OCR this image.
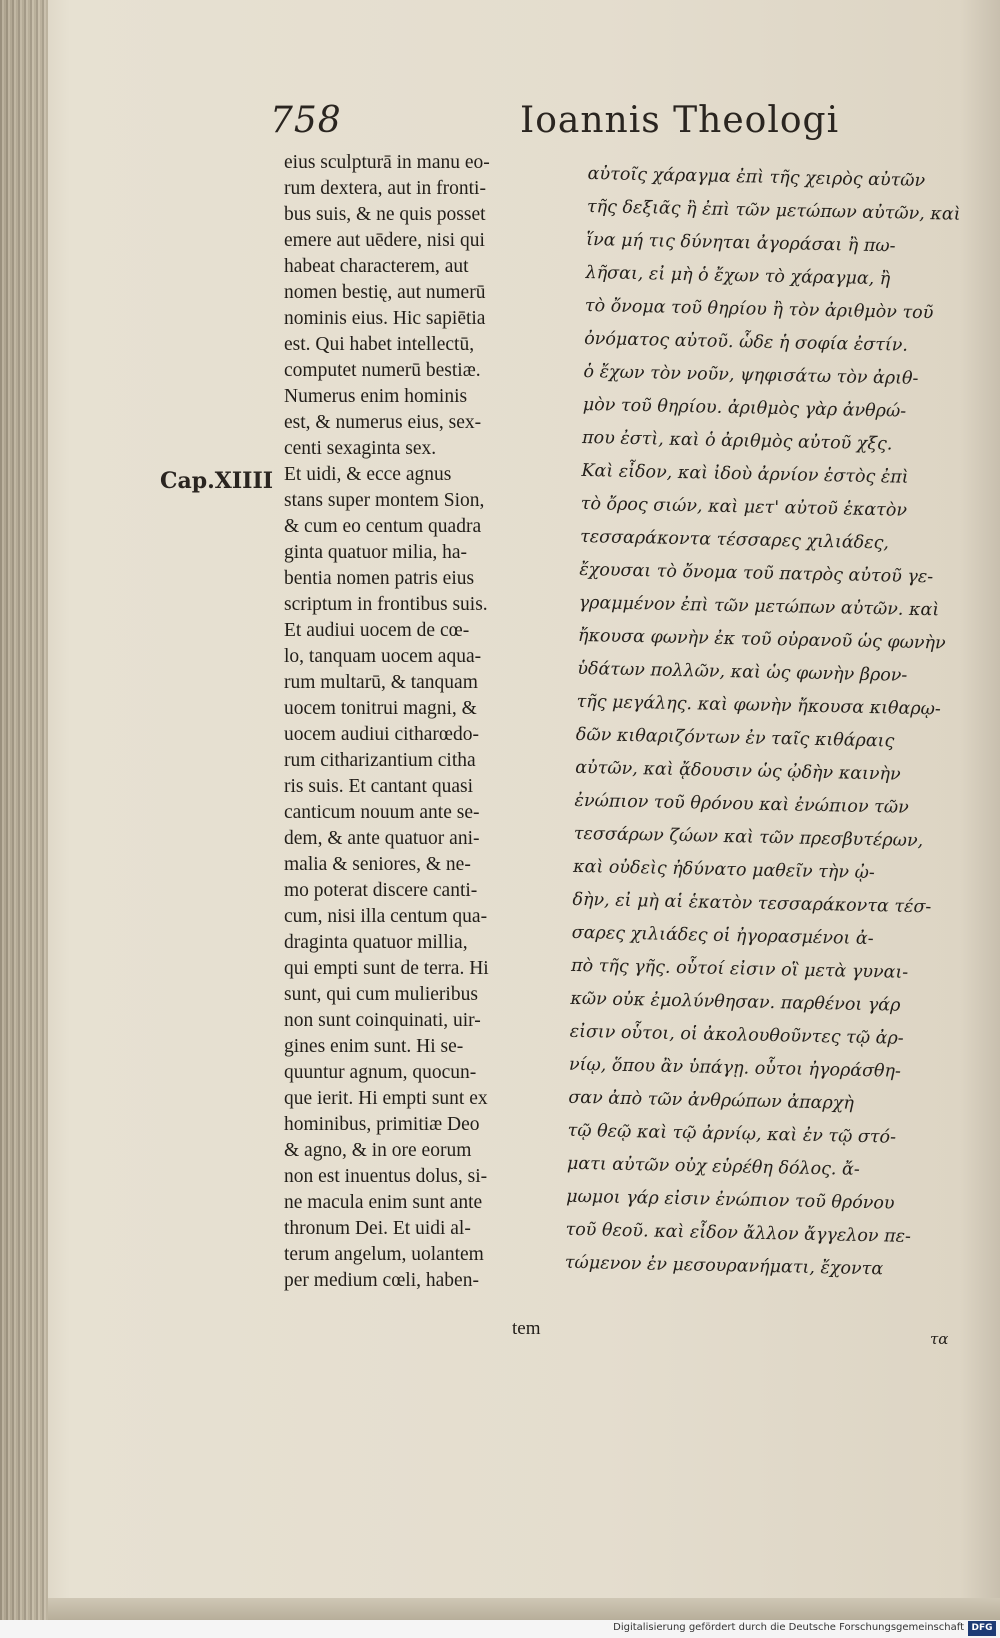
758	Ioannis Theologi
Cap.XIIII
eius sculpturā in manu eo-
rum dextera, aut in fronti-
bus suis, & ne quis posset
emere aut uēdere, nisi qui
habeat characterem, aut
nomen bestię, aut numerū
nominis eius. Hic sapiētia
est. Qui habet intellectū,
computet numerū bestiæ.
Numerus enim hominis
est, & numerus eius, sex-
centi sexaginta sex.
Et uidi, & ecce agnus
stans super montem Sion,
& cum eo centum quadra
ginta quatuor milia, ha-
bentia nomen patris eius
scriptum in frontibus suis.
Et audiui uocem de cœ-
lo, tanquam uocem aqua-
rum multarū, & tanquam
uocem tonitrui magni, &
uocem audiui citharœdo-
rum citharizantium citha
ris suis. Et cantant quasi
canticum nouum ante se-
dem, & ante quatuor ani-
malia & seniores, & ne-
mo poterat discere canti-
cum, nisi illa centum qua-
draginta quatuor millia,
qui empti sunt de terra. Hi
sunt, qui cum mulieribus
non sunt coinquinati, uir-
gines enim sunt. Hi se-
quuntur agnum, quocun-
que ierit. Hi empti sunt ex
hominibus, primitiæ Deo
& agno, & in ore eorum
non est inuentus dolus, si-
ne macula enim sunt ante
thronum Dei. Et uidi al-
terum angelum, uolantem
per medium cœli, haben-
αὐτοῖς χάραγμα ἐπὶ τῆς χειρὸς αὐτῶν
τῆς δεξιᾶς ἢ ἐπὶ τῶν μετώπων αὐτῶν, καὶ
ἵνα μή τις δύνηται ἀγοράσαι ἢ πω-
λῆσαι, εἰ μὴ ὁ ἔχων τὸ χάραγμα, ἢ
τὸ ὄνομα τοῦ θηρίου ἢ τὸν ἀριθμὸν τοῦ
ὀνόματος αὐτοῦ. ὧδε ἡ σοφία ἐστίν.
ὁ ἔχων τὸν νοῦν, ψηφισάτω τὸν ἀριθ-
μὸν τοῦ θηρίου. ἀριθμὸς γὰρ ἀνθρώ-
που ἐστὶ, καὶ ὁ ἀριθμὸς αὐτοῦ χξς.
Καὶ εἶδον, καὶ ἰδοὺ ἀρνίον ἑστὸς ἐπὶ
τὸ ὄρος σιών, καὶ μετ' αὐτοῦ ἑκατὸν
τεσσαράκοντα τέσσαρες χιλιάδες,
ἔχουσαι τὸ ὄνομα τοῦ πατρὸς αὐτοῦ γε-
γραμμένον ἐπὶ τῶν μετώπων αὐτῶν. καὶ
ἤκουσα φωνὴν ἐκ τοῦ οὐρανοῦ ὡς φωνὴν
ὑδάτων πολλῶν, καὶ ὡς φωνὴν βρον-
τῆς μεγάλης. καὶ φωνὴν ἤκουσα κιθαρῳ-
δῶν κιθαριζόντων ἐν ταῖς κιθάραις
αὐτῶν, καὶ ᾄδουσιν ὡς ᾠδὴν καινὴν
ἐνώπιον τοῦ θρόνου καὶ ἐνώπιον τῶν
τεσσάρων ζώων καὶ τῶν πρεσβυτέρων,
καὶ οὐδεὶς ἠδύνατο μαθεῖν τὴν ᾠ-
δὴν, εἰ μὴ αἱ ἑκατὸν τεσσαράκοντα τέσ-
σαρες χιλιάδες οἱ ἠγορασμένοι ἀ-
πὸ τῆς γῆς. οὗτοί εἰσιν οἳ μετὰ γυναι-
κῶν οὐκ ἐμολύνθησαν. παρθένοι γάρ
εἰσιν οὗτοι, οἱ ἀκολουθοῦντες τῷ ἀρ-
νίῳ, ὅπου ἂν ὑπάγῃ. οὗτοι ἠγοράσθη-
σαν ἀπὸ τῶν ἀνθρώπων ἀπαρχὴ
τῷ θεῷ καὶ τῷ ἀρνίῳ, καὶ ἐν τῷ στό-
ματι αὐτῶν οὐχ εὑρέθη δόλος. ἄ-
μωμοι γάρ εἰσιν ἐνώπιον τοῦ θρόνου
τοῦ θεοῦ. καὶ εἶδον ἄλλον ἄγγελον πε-
τώμενον ἐν μεσουρανήματι, ἔχοντα
tem	τα
Digitalisierung gefördert durch die Deutsche Forschungsgemeinschaft DFG
